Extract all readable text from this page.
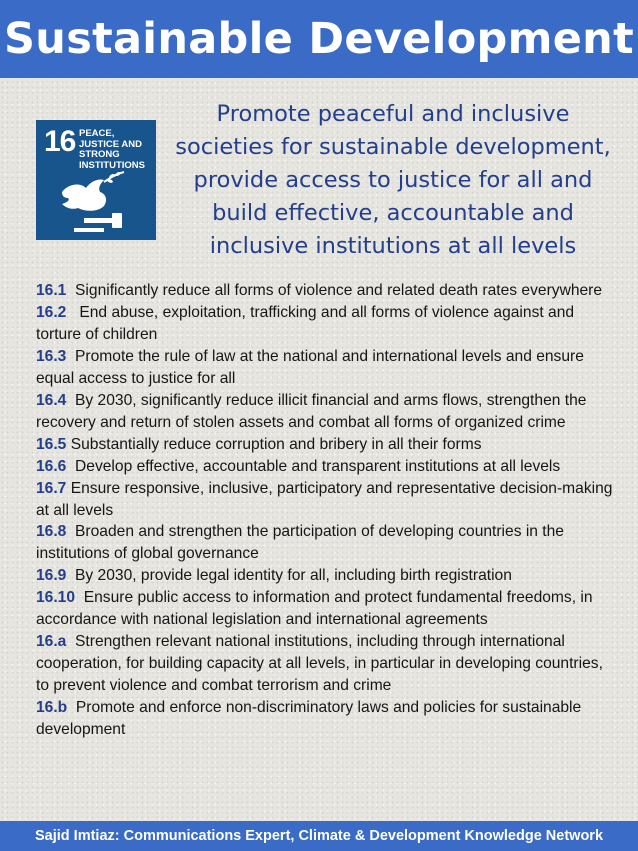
Sustainable Development
16 PEACE, JUSTICE AND STRONG INSTITUTIONS
Promote peaceful and inclusive societies for sustainable development, provide access to justice for all and build effective, accountable and inclusive institutions at all levels

16.1 Significantly reduce all forms of violence and related death rates everywhere

16.2 End abuse, exploitation, trafficking and all forms of violence against and torture of children

16.3 Promote the rule of law at the national and international levels and ensure equal access to justice for all

16.4 By 2030, significantly reduce illicit financial and arms flows, strengthen the recovery and return of stolen assets and combat all forms of organized crime

16.5 Substantially reduce corruption and bribery in all their forms

16.6 Develop effective, accountable and transparent institutions at all levels

16.7 Ensure responsive, inclusive, participatory and representative decision-making at all levels

16.8 Broaden and strengthen the participation of developing countries in the institutions of global governance

16.9 By 2030, provide legal identity for all, including birth registration

16.10 Ensure public access to information and protect fundamental freedoms, in accordance with national legislation and international agreements

16.a Strengthen relevant national institutions, including through international cooperation, for building capacity at all levels, in particular in developing countries, to prevent violence and combat terrorism and crime

16.b Promote and enforce non-discriminatory laws and policies for sustainable development

Sajid Imtiaz: Communications Expert, Climate & Development Knowledge Network
